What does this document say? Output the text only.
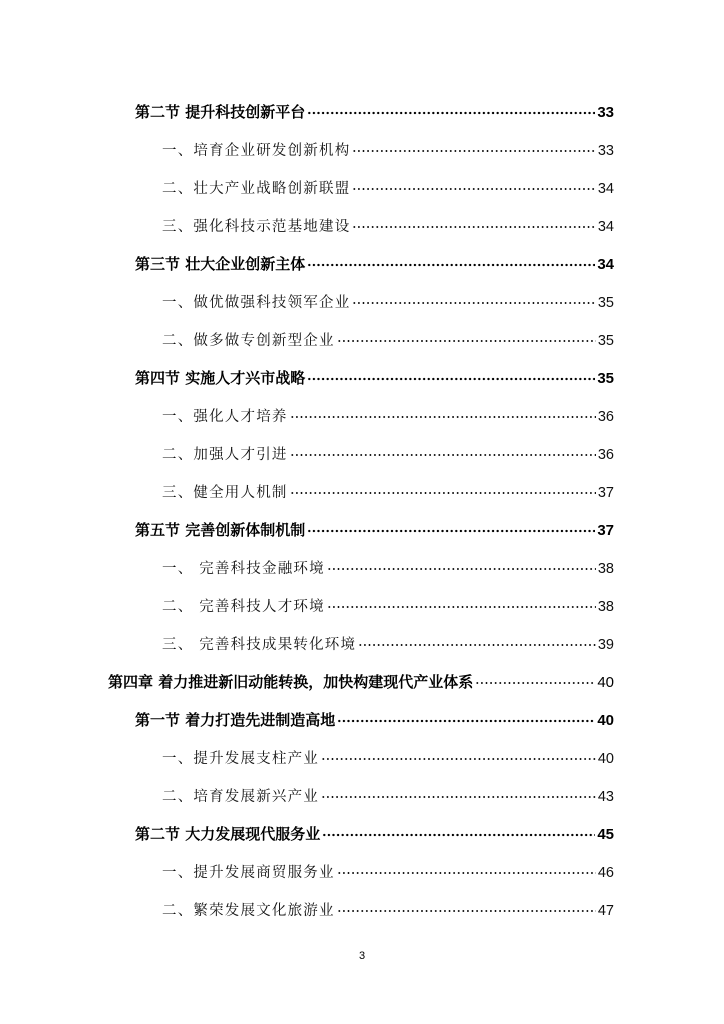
第二节 提升科技创新平台	33
一、培育企业研发创新机构	33
二、壮大产业战略创新联盟	34
三、强化科技示范基地建设	34
第三节 壮大企业创新主体	34
一、做优做强科技领军企业	35
二、做多做专创新型企业	35
第四节 实施人才兴市战略	35
一、强化人才培养	36
二、加强人才引进	36
三、健全用人机制	37
第五节 完善创新体制机制	37
一、 完善科技金融环境	38
二、 完善科技人才环境	38
三、 完善科技成果转化环境	39
第四章 着力推进新旧动能转换，加快构建现代产业体系	40
第一节 着力打造先进制造高地	40
一、提升发展支柱产业	40
二、培育发展新兴产业	43
第二节 大力发展现代服务业	45
一、提升发展商贸服务业	46
二、繁荣发展文化旅游业	47
3
